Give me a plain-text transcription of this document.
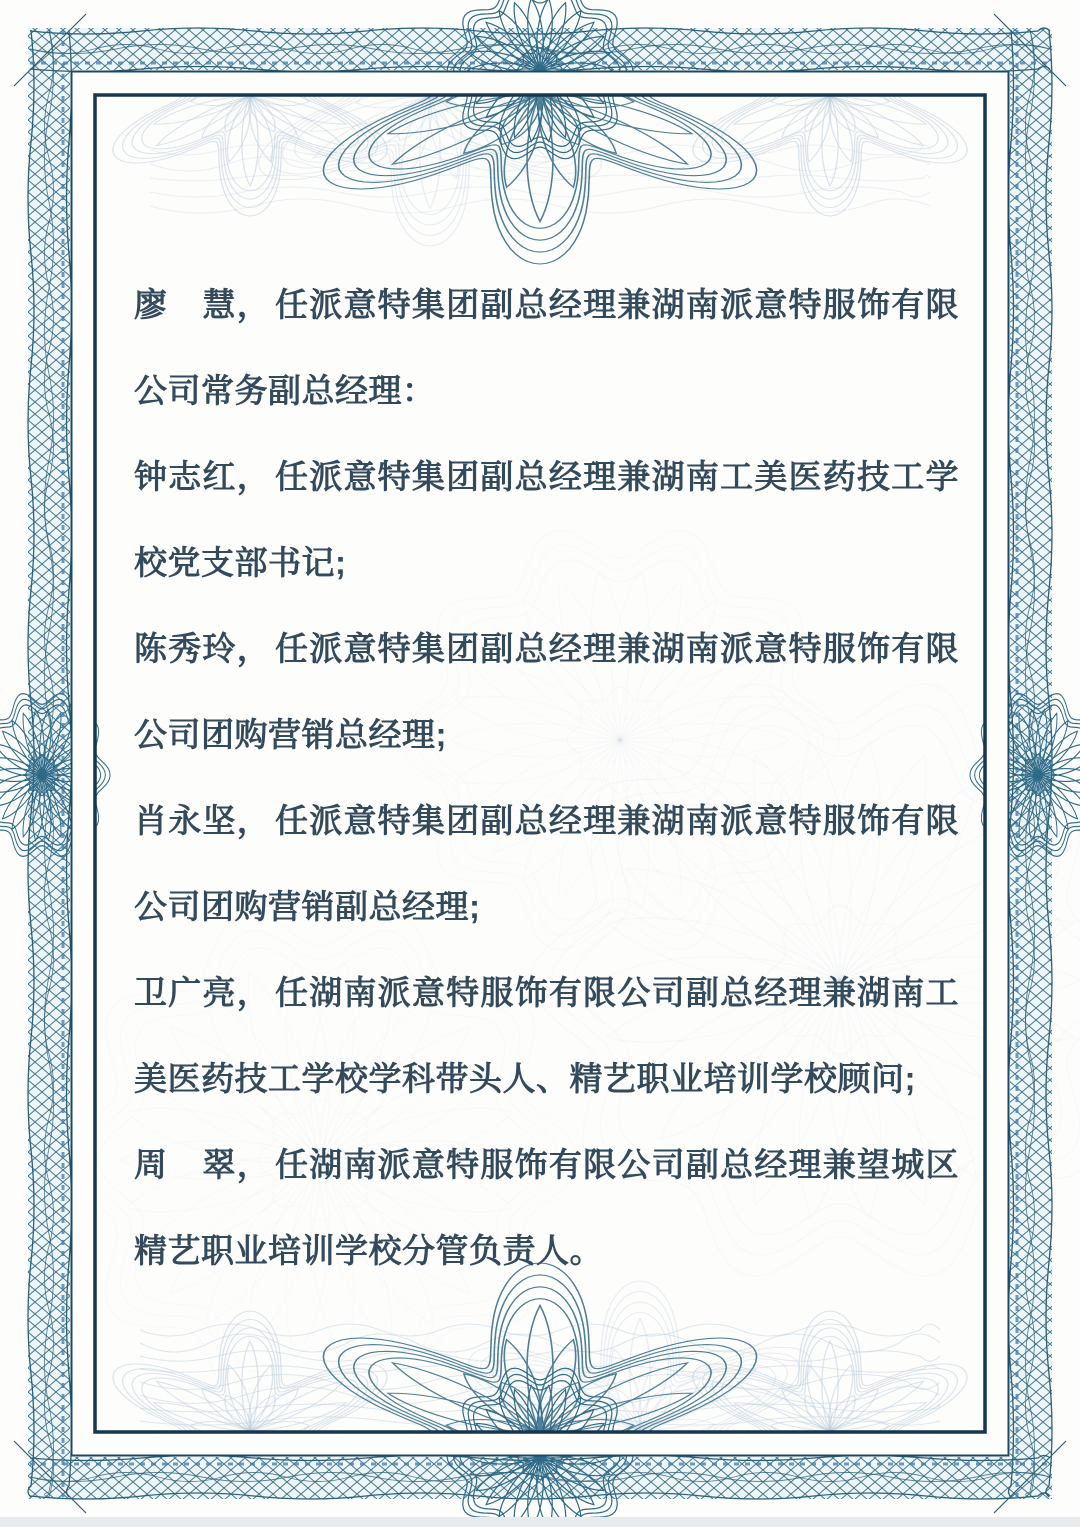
廖　慧， 任派意特集团副总经理兼湖南派意特服饰有限公司常务副总经理：

钟志红， 任派意特集团副总经理兼湖南工美医药技工学校党支部书记;

陈秀玲， 任派意特集团副总经理兼湖南派意特服饰有限公司团购营销总经理;

肖永坚， 任派意特集团副总经理兼湖南派意特服饰有限公司团购营销副总经理;

卫广亮， 任湖南派意特服饰有限公司副总经理兼湖南工美医药技工学校学科带头人、精艺职业培训学校顾问;

周　翠， 任湖南派意特服饰有限公司副总经理兼望城区精艺职业培训学校分管负责人。
